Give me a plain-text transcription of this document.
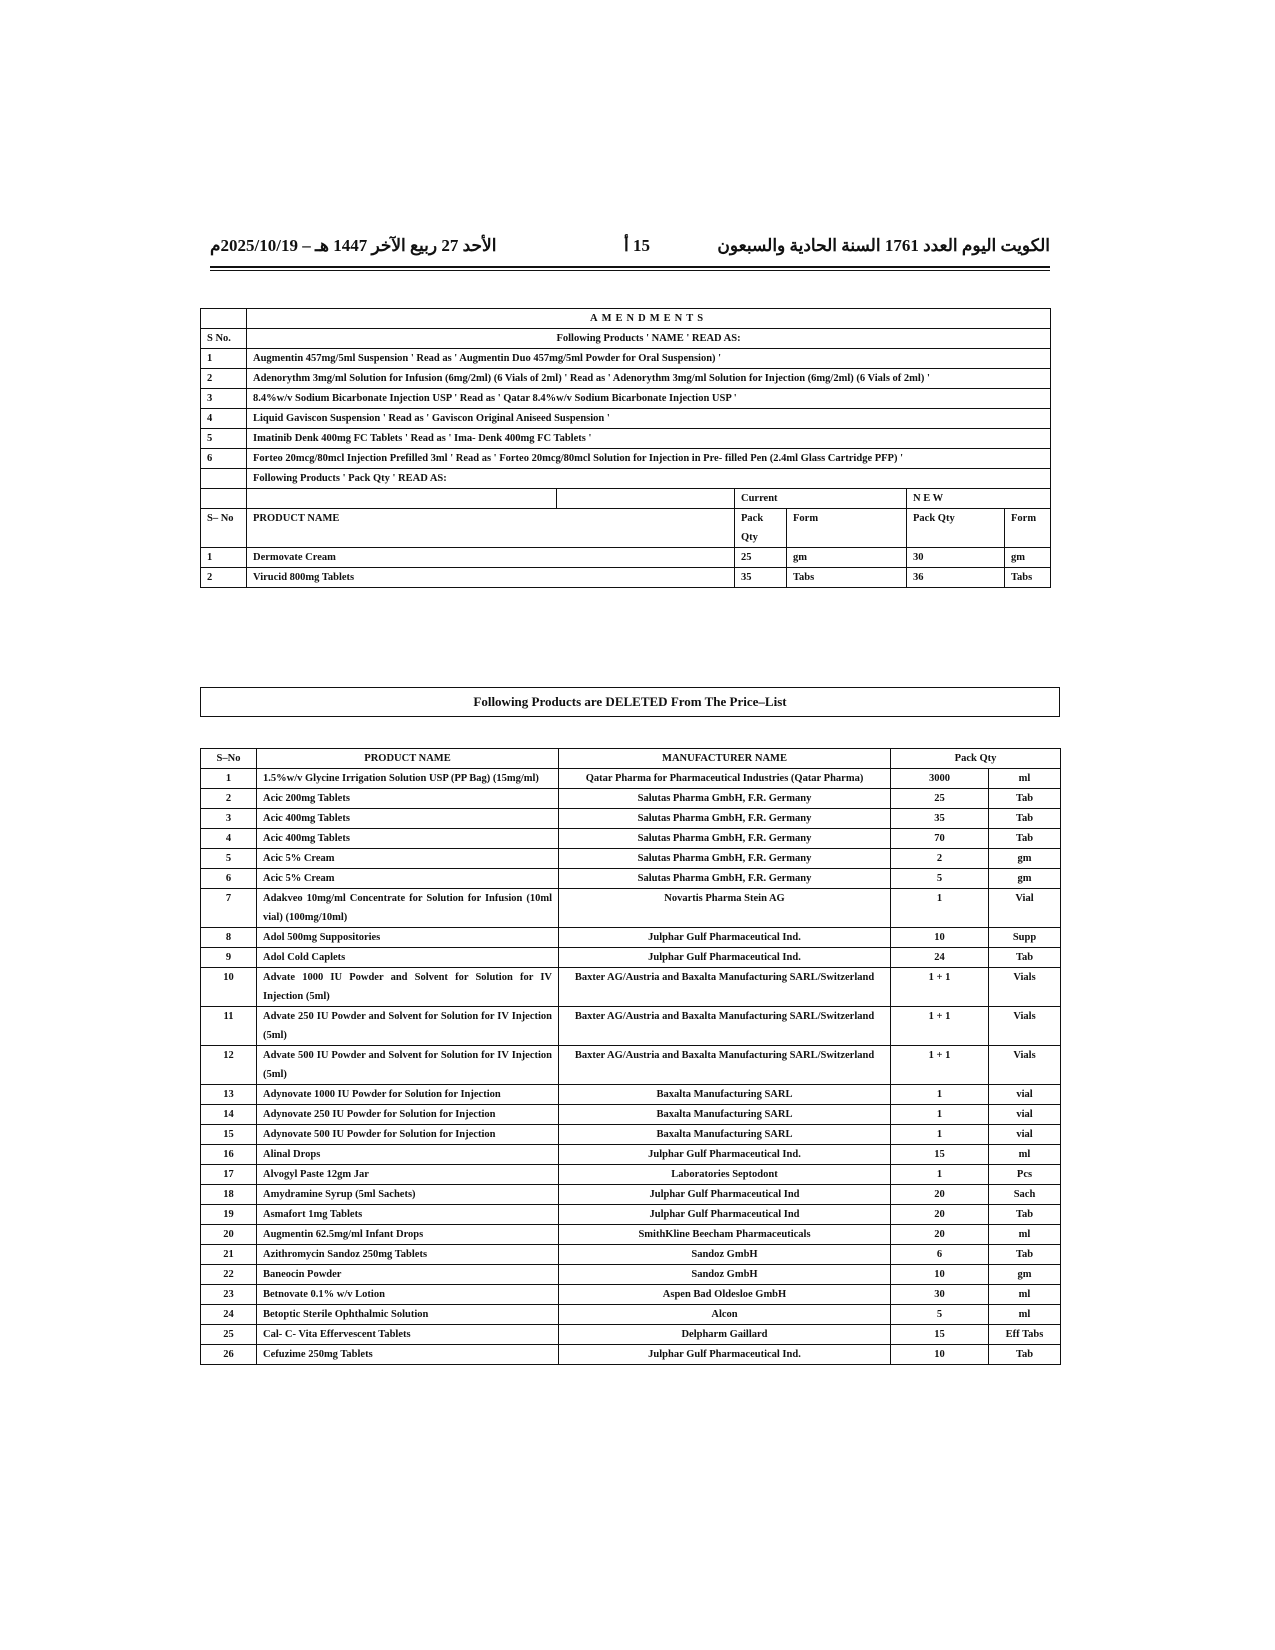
الكويت اليوم العدد 1761 السنة الحادية والسبعون
15 أ
الأحد 27 ربيع الآخر 1447 هـ – 2025/10/19م
	AMENDMENTS					
S No.	Following Products ' NAME ' READ AS:					
1	Augmentin 457mg/5ml Suspension ' Read as ' Augmentin Duo 457mg/5ml Powder for Oral Suspension) '					
2	Adenorythm 3mg/ml Solution for Infusion (6mg/2ml) (6 Vials of 2ml) ' Read as ' Adenorythm 3mg/ml Solution for Injection (6mg/2ml) (6 Vials of 2ml) '					
3	8.4%w/v Sodium Bicarbonate Injection USP ' Read as ' Qatar 8.4%w/v Sodium Bicarbonate Injection USP '					
4	Liquid Gaviscon Suspension ' Read as ' Gaviscon Original Aniseed Suspension '					
5	Imatinib Denk 400mg FC Tablets ' Read as ' Ima- Denk 400mg FC Tablets '					
6	Forteo 20mcg/80mcl Injection Prefilled 3ml ' Read as ' Forteo 20mcg/80mcl Solution for Injection in Pre- filled Pen (2.4ml Glass Cartridge PFP) '					
	Following Products ' Pack Qty ' READ AS:					
			Current		N E W	
S– No	PRODUCT NAME		Pack Qty	Form	Pack Qty	Form
1	Dermovate Cream		25	gm	30	gm
2	Virucid 800mg Tablets		35	Tabs	36	Tabs
Following Products are DELETED From The Price–List
S–No	PRODUCT NAME	MANUFACTURER NAME	Pack Qty	
1	1.5%w/v Glycine Irrigation Solution USP (PP Bag) (15mg/ml)	Qatar Pharma for Pharmaceutical Industries (Qatar Pharma)	3000	ml
2	Acic 200mg Tablets	Salutas Pharma GmbH, F.R. Germany	25	Tab
3	Acic 400mg Tablets	Salutas Pharma GmbH, F.R. Germany	35	Tab
4	Acic 400mg Tablets	Salutas Pharma GmbH, F.R. Germany	70	Tab
5	Acic 5% Cream	Salutas Pharma GmbH, F.R. Germany	2	gm
6	Acic 5% Cream	Salutas Pharma GmbH, F.R. Germany	5	gm
7	Adakveo 10mg/ml Concentrate for Solution for Infusion (10ml vial) (100mg/10ml)	Novartis Pharma Stein AG	1	Vial
8	Adol 500mg Suppositories	Julphar Gulf Pharmaceutical Ind.	10	Supp
9	Adol Cold Caplets	Julphar Gulf Pharmaceutical Ind.	24	Tab
10	Advate 1000 IU Powder and Solvent for Solution for IV Injection (5ml)	Baxter AG/Austria and Baxalta Manufacturing SARL/Switzerland	1 + 1	Vials
11	Advate 250 IU Powder and Solvent for Solution for IV Injection (5ml)	Baxter AG/Austria and Baxalta Manufacturing SARL/Switzerland	1 + 1	Vials
12	Advate 500 IU Powder and Solvent for Solution for IV Injection (5ml)	Baxter AG/Austria and Baxalta Manufacturing SARL/Switzerland	1 + 1	Vials
13	Adynovate 1000 IU Powder for Solution for Injection	Baxalta Manufacturing SARL	1	vial
14	Adynovate 250 IU Powder for Solution for Injection	Baxalta Manufacturing SARL	1	vial
15	Adynovate 500 IU Powder for Solution for Injection	Baxalta Manufacturing SARL	1	vial
16	Alinal Drops	Julphar Gulf Pharmaceutical Ind.	15	ml
17	Alvogyl Paste 12gm Jar	Laboratories Septodont	1	Pcs
18	Amydramine Syrup (5ml Sachets)	Julphar Gulf Pharmaceutical Ind	20	Sach
19	Asmafort 1mg Tablets	Julphar Gulf Pharmaceutical Ind	20	Tab
20	Augmentin 62.5mg/ml Infant Drops	SmithKline Beecham Pharmaceuticals	20	ml
21	Azithromycin Sandoz 250mg Tablets	Sandoz GmbH	6	Tab
22	Baneocin Powder	Sandoz GmbH	10	gm
23	Betnovate 0.1% w/v Lotion	Aspen Bad Oldesloe GmbH	30	ml
24	Betoptic Sterile Ophthalmic Solution	Alcon	5	ml
25	Cal- C- Vita Effervescent Tablets	Delpharm Gaillard	15	Eff Tabs
26	Cefuzime 250mg Tablets	Julphar Gulf Pharmaceutical Ind.	10	Tab
